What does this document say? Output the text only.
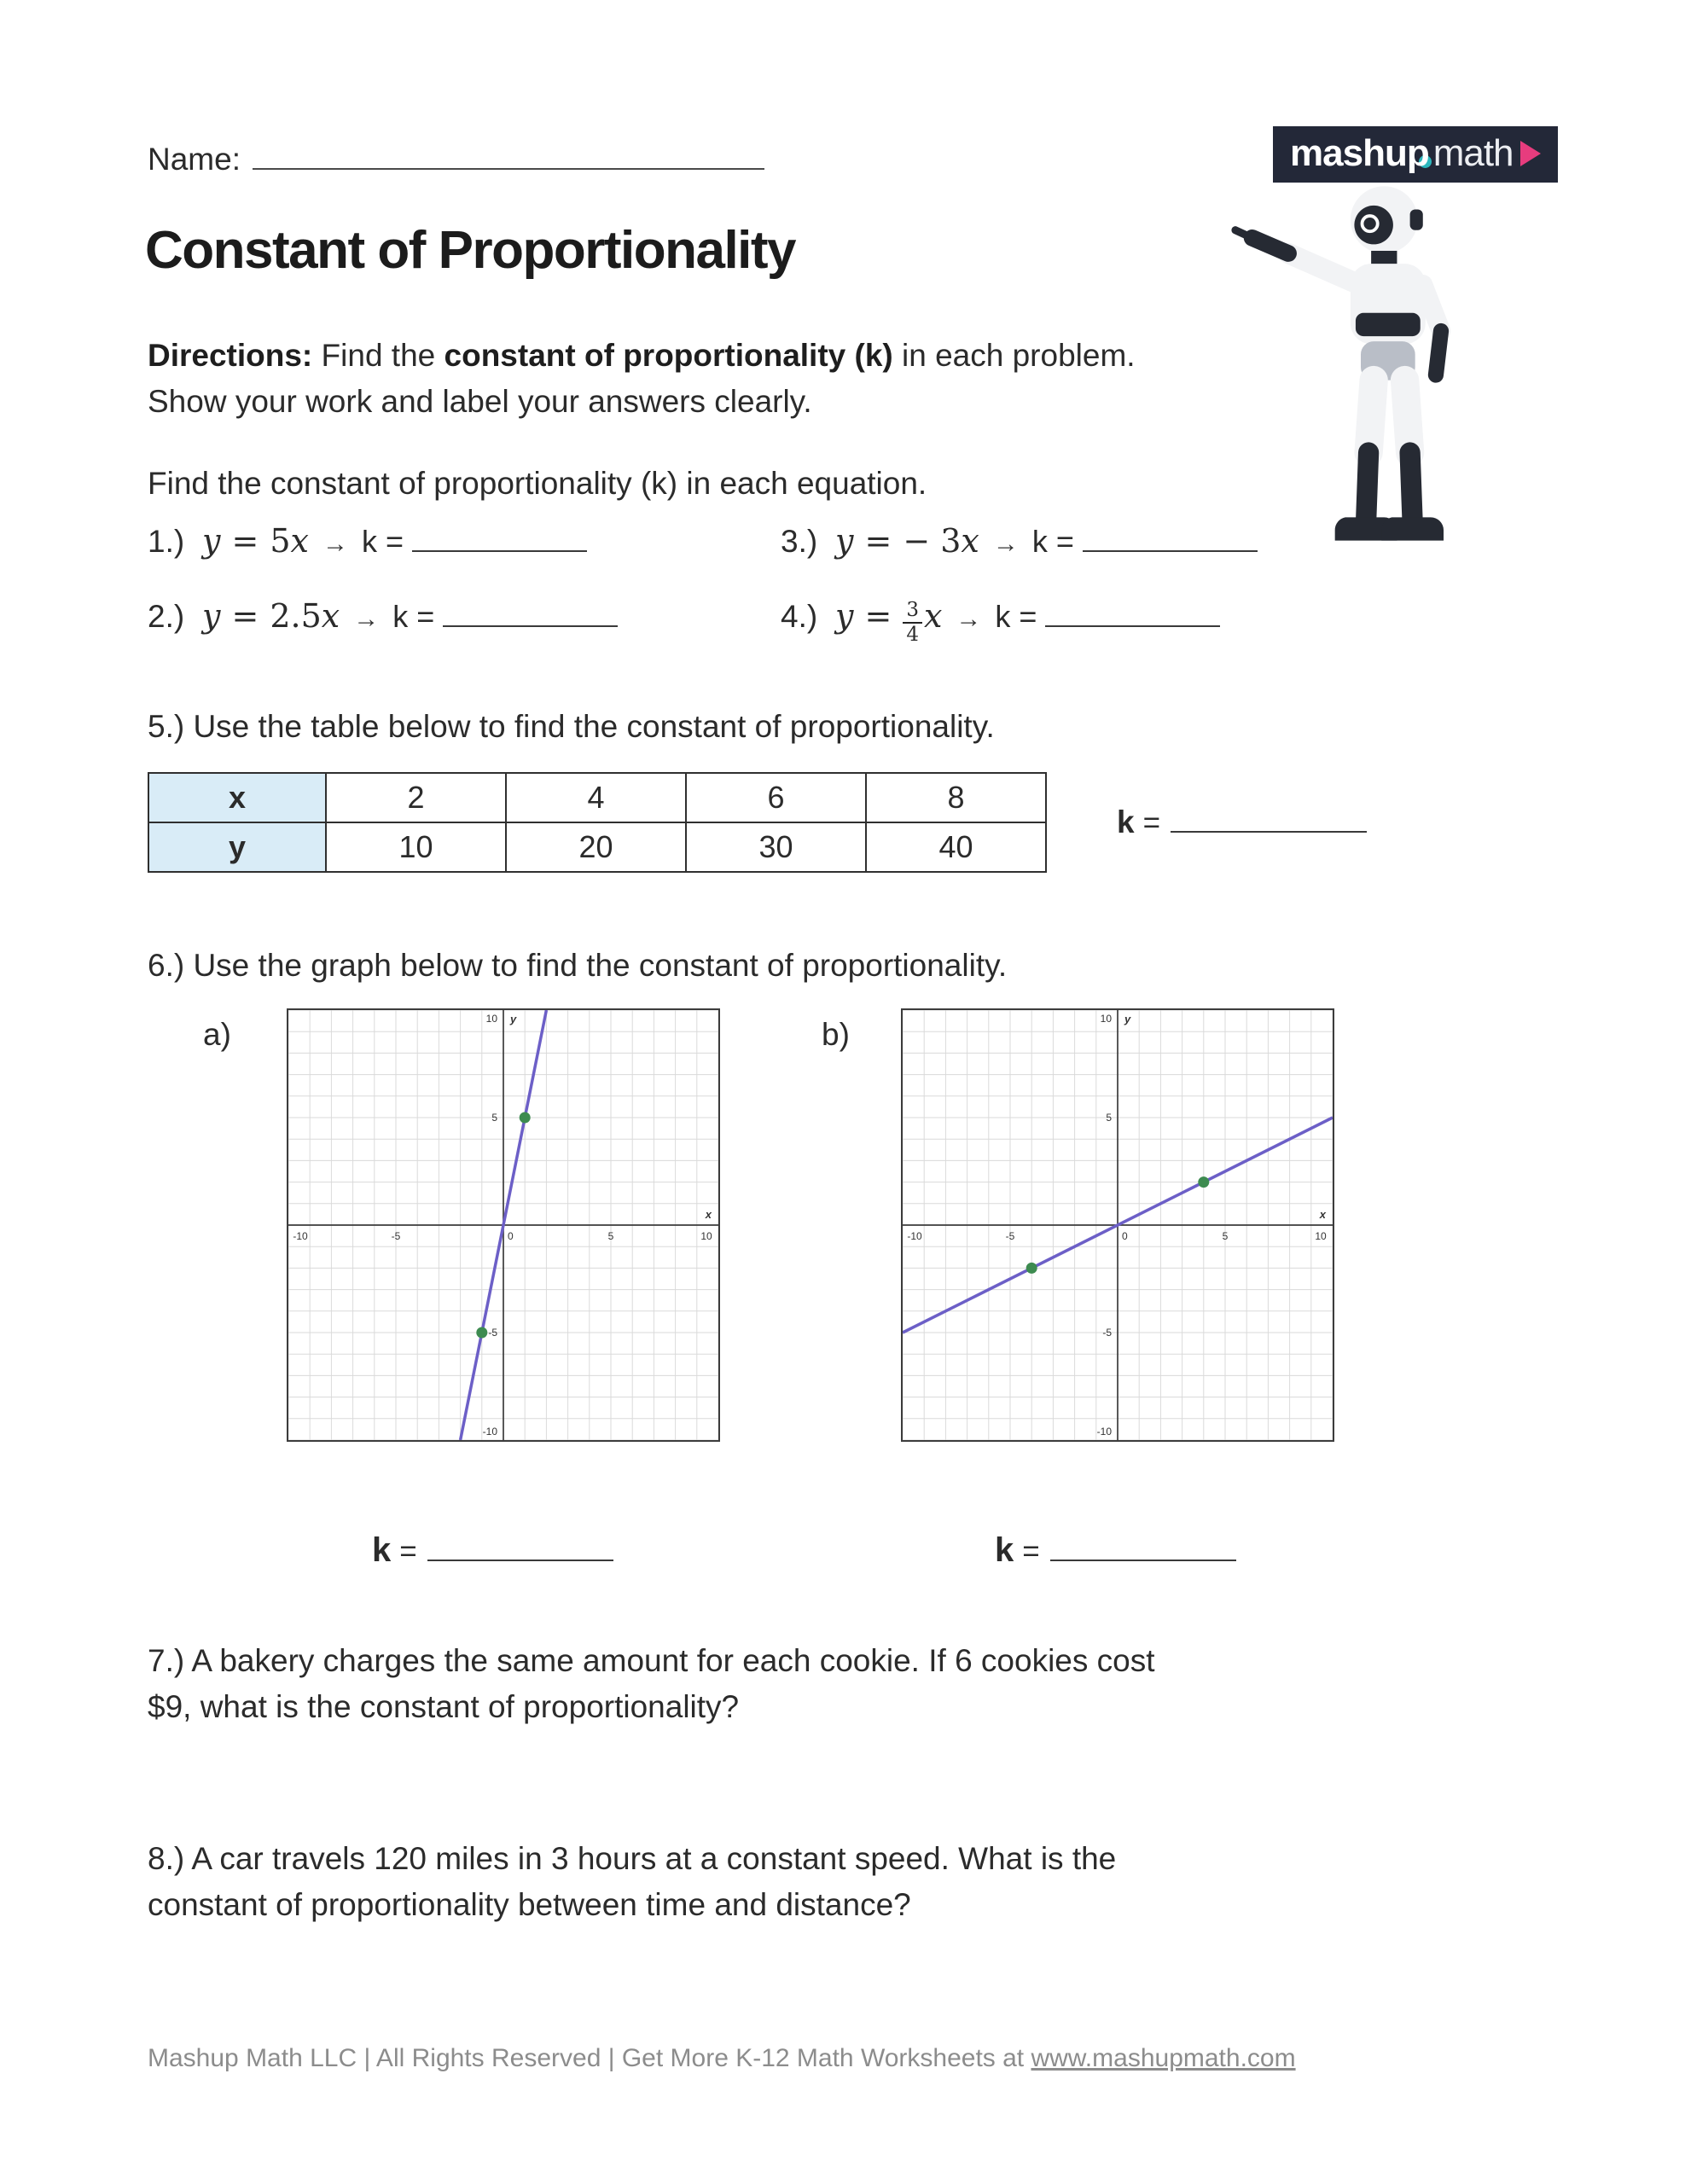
Name:	mashup math
Constant of Proportionality
Directions: Find the constant of proportionality (k) in each problem.
Show your work and label your answers clearly.
Find the constant of proportionality (k) in each equation.
1.) y = 5 x → k =	3.) y = − 3 x → k =
2.) y = 2.5 x → k =	4.) $y = \frac{3}{4}$ x → k =
5.) Use the table below to find the constant of proportionality.
x	2	4	6	8
y	10	20	30	40
k =
6.) Use the graph below to find the constant of proportionality.
a)
-10	-5	0	5	10
10
5
-5
-10
x
y	b)
-10	-5	0	5	10
10
5
-5
-10
x
y
k =	k =
7.) A bakery charges the same amount for each cookie. If 6 cookies cost
$9, what is the constant of proportionality?
8.) A car travels 120 miles in 3 hours at a constant speed. What is the
constant of proportionality between time and distance?
Mashup Math LLC | All Rights Reserved | Get More K-12 Math Worksheets at www.mashupmath.com
